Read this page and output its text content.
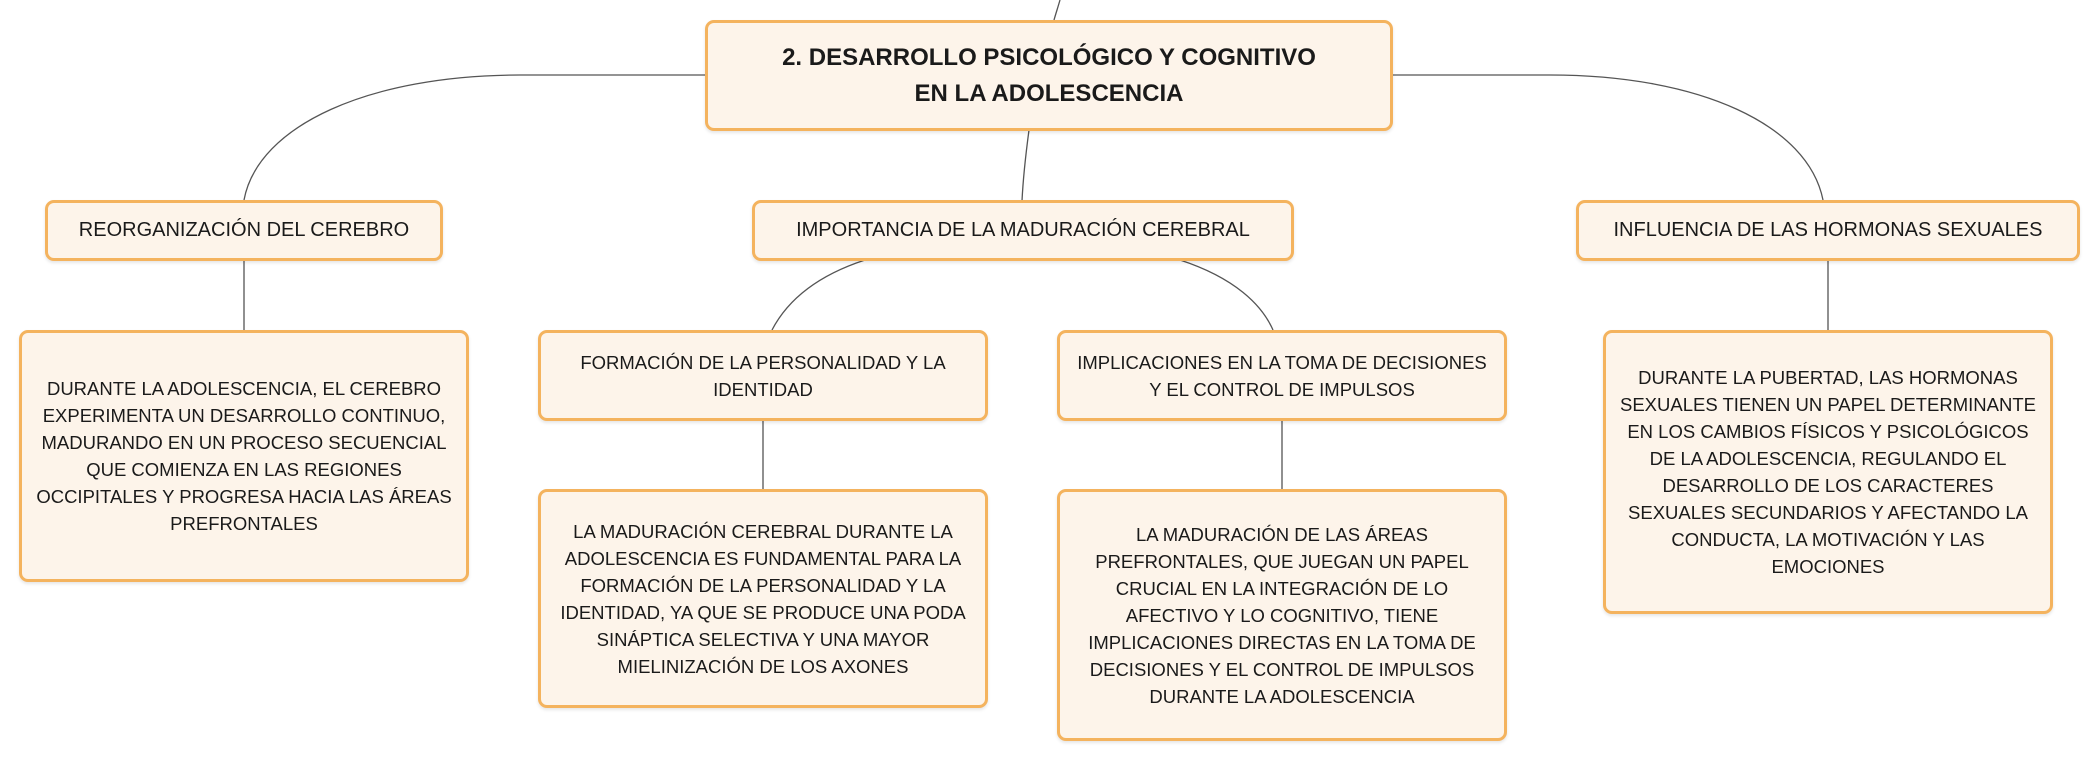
2. DESARROLLO PSICOLÓGICO Y COGNITIVO EN LA ADOLESCENCIA
REORGANIZACIÓN DEL CEREBRO	IMPORTANCIA DE LA MADURACIÓN CEREBRAL	INFLUENCIA DE LAS HORMONAS SEXUALES
DURANTE LA ADOLESCENCIA, EL CEREBRO EXPERIMENTA UN DESARROLLO CONTINUO, MADURANDO EN UN PROCESO SECUENCIAL QUE COMIENZA EN LAS REGIONES OCCIPITALES Y PROGRESA HACIA LAS ÁREAS PREFRONTALES
FORMACIÓN DE LA PERSONALIDAD Y LA IDENTIDAD
IMPLICACIONES EN LA TOMA DE DECISIONES Y EL CONTROL DE IMPULSOS
DURANTE LA PUBERTAD, LAS HORMONAS SEXUALES TIENEN UN PAPEL DETERMINANTE EN LOS CAMBIOS FÍSICOS Y PSICOLÓGICOS DE LA ADOLESCENCIA, REGULANDO EL DESARROLLO DE LOS CARACTERES SEXUALES SECUNDARIOS Y AFECTANDO LA CONDUCTA, LA MOTIVACIÓN Y LAS EMOCIONES
LA MADURACIÓN CEREBRAL DURANTE LA ADOLESCENCIA ES FUNDAMENTAL PARA LA FORMACIÓN DE LA PERSONALIDAD Y LA IDENTIDAD, YA QUE SE PRODUCE UNA PODA SINÁPTICA SELECTIVA Y UNA MAYOR MIELINIZACIÓN DE LOS AXONES
LA MADURACIÓN DE LAS ÁREAS PREFRONTALES, QUE JUEGAN UN PAPEL CRUCIAL EN LA INTEGRACIÓN DE LO AFECTIVO Y LO COGNITIVO, TIENE IMPLICACIONES DIRECTAS EN LA TOMA DE DECISIONES Y EL CONTROL DE IMPULSOS DURANTE LA ADOLESCENCIA
